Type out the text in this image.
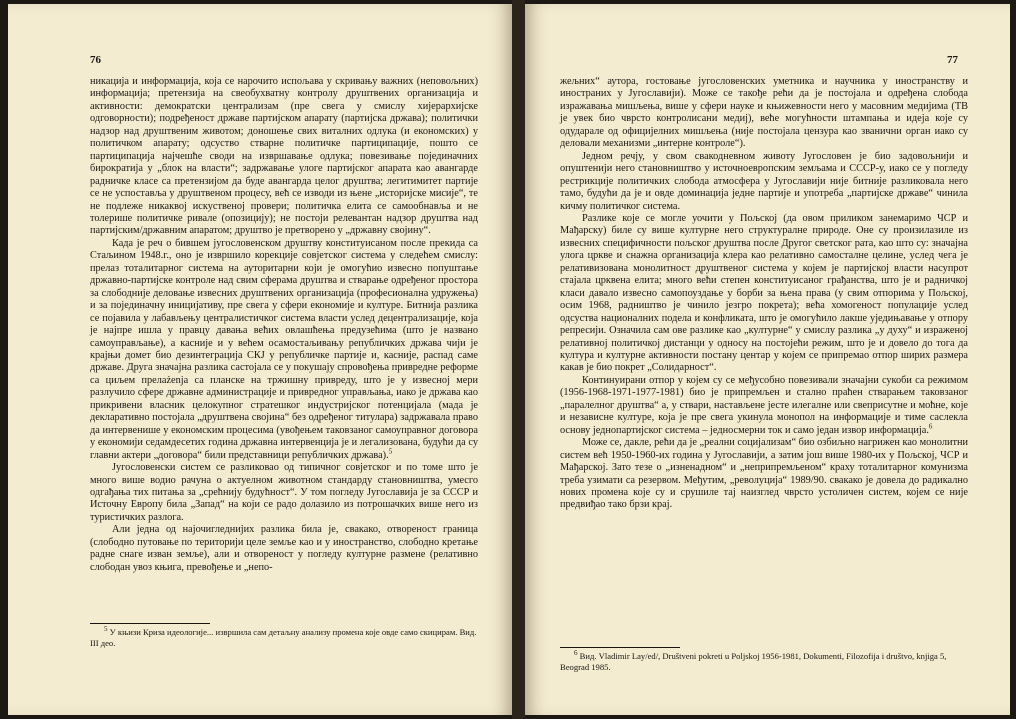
76

никација и информација, која се нарочито испољава у скривању важних (неповољних) информација; претензија на свеобухватну контролу друштвених организација и активности: демократски централизам (пре свега у смислу хијерархијске одговорности); подређеност државе партијском апарату (партијска држава); политички надзор над друштвеним животом; доношење свих виталних одлука (и економских) у политичком апарату; одсуство стварне политичке партиципације, пошто се партиципација најчешће своди на извршавање одлука; повезивање појединачних бирократија у „блок на власти“; задржавање улоге партијског апарата као авангарде радничке класе са претензијом да буде авангарда целог друштва; легитимитет партије се не успоставља у друштвеном процесу, већ се изводи из њене „историјске мисије“, те не подлеже никаквој искуственој провери; политичка елита се самообнавља и не толерише политичке ривале (опозицију); не постоји релевантан надзор друштва над партијским/државним апаратом; друштво је претворено у „државну својину“.

Када је реч о бившем југословенском друштву конституисаном после прекида са Стаљином 1948.г., оно је извршило корекције совјетског система у следећем смислу: прелаз тоталитарног система на ауторитарни који је омогућио извесно попуштање државно-партијске контроле над свим сферама друштва и стварање одређеног простора за слободније деловање извесних друштвених организација (професионална удружења) и за појединачну иницијативу, пре свега у сфери економије и културе. Битнија разлика се појавила у лабављењу централистичког система власти услед децентрализације, која је најпре ишла у правцу давања већих овлашћења предузећима (што је названо самоуправљање), а касније и у већем осамостаљивању републичких држава чији је крајњи домет био дезинтеграција СКЈ у републичке партије и, касније, распад саме државе. Друга значајна разлика састојала се у покушају спровођења привредне реформе са циљем прелаżenja са планске на тржишну привреду, што је у извесној мери разлучило сфере државне администрације и привредног управљања, иако је држава као прикривени власник целокупног стратешког индустријског потенцијала (мада је декларативно постојала „друштвена својина“ без одређеног титулара) задржавала право да интервенише у економским процесима (увођењем таковзаног самоуправног договора у економији седамдесетих година државна интервенција је и легализована, будући да су главни актери „договора“ били представници републичких држава).$^5$

Југословенски систем се разликовао од типичног совјетског и по томе што је много више водио рачуна о актуелном животном стандарду становништва, умесго одгађања тих питања за „срећнију будућност“. У том погледу Југославија је за СССР и Источну Европу била „Запад“ на који се радо долазило из потрошачких више него из туристичких разлога.

Али једна од најочигледнијих разлика била је, свакако, отвореност границa (слободно путовање по територији целе земље као и у иностранство, слободно кретање радне снаге изван земље), али и отвореност у погледу културне размене (релативно слободан увоз књига, превођење и „непо-

$^5$ У књизи Криза идеологије... извршила сам детаљну анализу промена које овде само скицирам. Вид. III део.

77

жељних“ аутора, гостовање југословенских уметника и научника у иностранству и иностраних у Југославији). Може се такође рећи да је постојала и одређена слобода изражавања мишљења, више у сфери науке и књижевности него у масовним медијима (ТВ је увек био чврсто контролисани медиј), веће могућности штампања и идеја које су одударале од официјелних мишљења (није постојала цензура као званични орган иако су деловали механизми „интерне контроле“).

Једном речју, у свом свакодневном животу Југословен је био задовољнији и опуштенији него становништво у источноевропским земљама и СССР-у, иако се у погледу рестрикције политичких слобода атмосфера у Југославији није битније разликовала него тамо, будући да је и овде доминација једне партије и употреба „партијске државе“ чинила кичму политичког система.

Разлике које се могле уочити у Пољској (да овом приликом занемаримо ЧСР и Мађарску) биле су више културне него структуралне природе. Оне су произилазиле из извесних специфичности пољског друштва после Другог светског рата, као што су: значајна улога цркве и снажна организација клера као релативно самосталне целине, услед чега је релативизована монолитност друштвеног система у којем је партијској власти насупрот стајала црквена елита; много већи степен конституисаног грађанства, што је и радничкој класи давало извесно самопоуздање у борби за њена права (у свим отпорима у Пољској, осим 1968, радништво је чинило језгро покрета); већа хомогеност популације услед одсуства националних подела и конфликата, што је омогућило лакше уједињавање у отпору репресији. Означила сам ове разлике као „културне“ у смислу разлика „у духу“ и израженој релативној политичкој дистанци у односу на постојећи режим, што је и довело до тога да култура и културне активности постану центар у којем се припремао отпор ширих размера какав је био покрет „Солидарност“.

Континуирани отпор у којем су се међусобно повезивали значајни сукоби са режимом (1956-1968-1971-1977-1981) био је припремљен и стално праћен стварањем таковзаног „паралелног друштва“ а, у ствари, настављене јесте илегалне или свеприсутне и моћне, које и независне културе, која је пре свега укинула монопол на информације и тиме саслекла основу једнопартијског система – једносмерни ток и само један извор информација.$^6$

Може се, дакле, рећи да је „реални социјализам“ био озбиљно нагрижен као монолитни систем већ 1950-1960-их година у Југославији, а затим још више 1980-их у Пољској, ЧСР и Мађарској. Зато тезе о „изненадном“ и „неприпремљеном“ краху тоталитарног комунизма треба узимати са резервом. Међутим, „револуција“ 1989/90. свакако је довела до радикално нових промена које су и срушиле тај наизглед чврсто устоличен систем, којем се није предвиђао тако брзи крај.

$^6$ Вид. Vladimir Lay/ed/, Društveni pokreti u Poljskoj 1956-1981, Dokumenti, Filozofija i društvo, knjiga 5, Beograd 1985.
